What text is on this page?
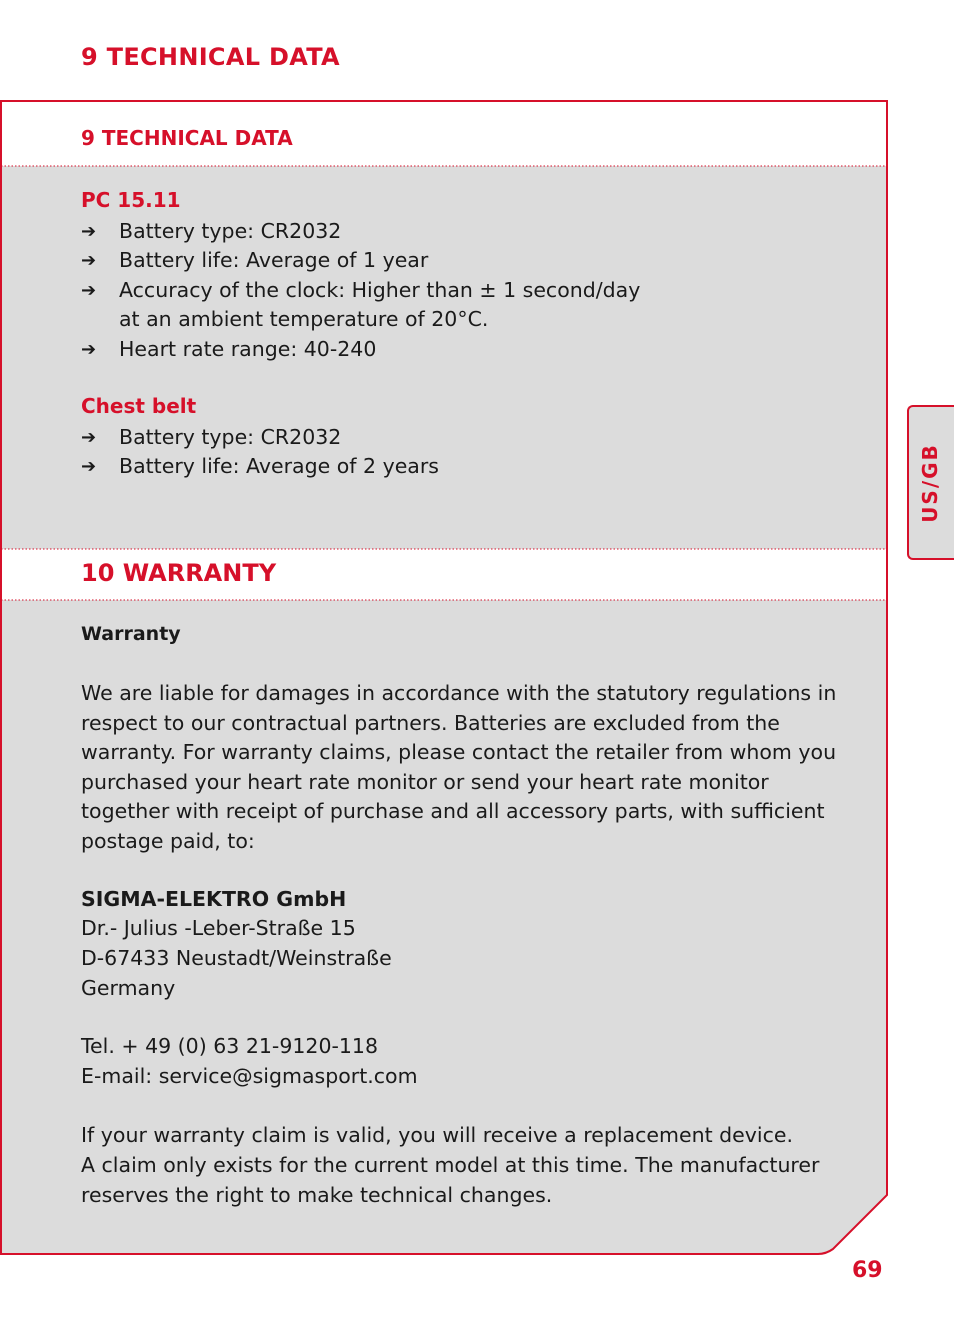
9 TECHNICAL DATA
9 TECHNICAL DATA
PC 15.11
➔ Battery type: CR2032
➔ Battery life: Average of 1 year
➔ Accuracy of the clock: Higher than ± 1 second/day at an ambient temperature of 20°C.
➔ Heart rate range: 40-240
Chest belt
➔ Battery type: CR2032
➔ Battery life: Average of 2 years
10 WARRANTY
Warranty
We are liable for damages in accordance with the statutory regulations in respect to our contractual partners. Batteries are excluded from the warranty. For warranty claims, please contact the retailer from whom you purchased your heart rate monitor or send your heart rate monitor together with receipt of purchase and all accessory parts, with sufficient postage paid, to:
SIGMA-ELEKTRO GmbH
Dr.- Julius -Leber-Straße 15
D-67433 Neustadt/Weinstraße
Germany
Tel. + 49 (0) 63 21-9120-118
E-mail: service@sigmasport.com
If your warranty claim is valid, you will receive a replacement device.
A claim only exists for the current model at this time. The manufacturer reserves the right to make technical changes.
US/GB
69
